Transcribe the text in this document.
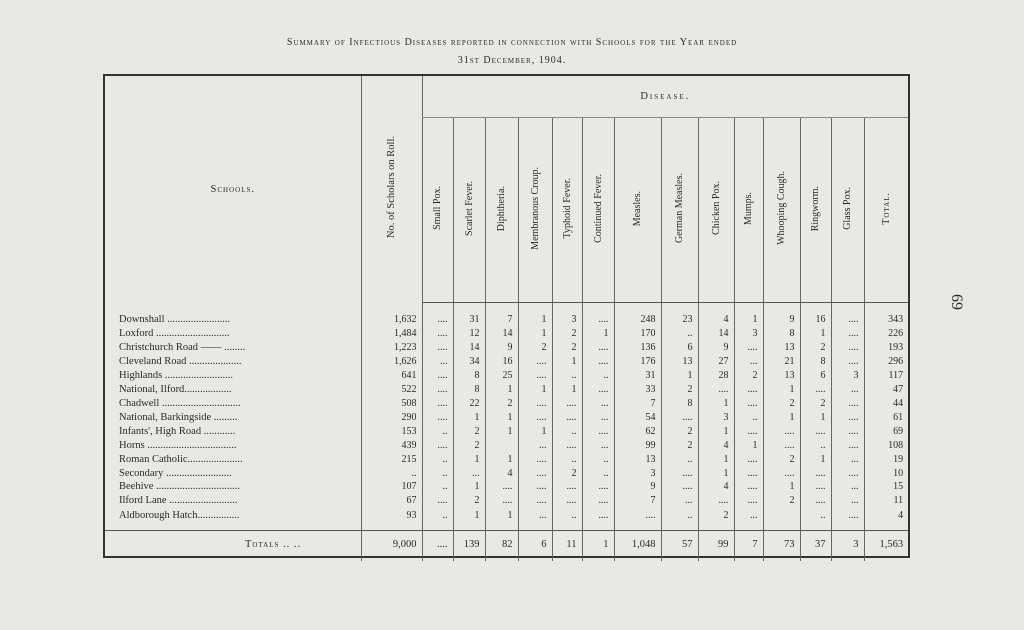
Summary of Infectious Diseases reported in connection with Schools for the Year ended
31st December, 1904.
Schools.	No. of Scholars on Roll.	Disease.													
		Small Pox.	Scarlet Fever.	Diphtheria.	Membranous Croup.	Typhoid Fever.	Continued Fever.	Measles.	German Measles.	Chicken Pox.	Mumps.	Whooping Cough.	Ringworm.	Glass Pox.	Total.
Downshall ........................	1,632	....	31	7	1	3	....	248	23	4	1	9	16	....	343
Loxford ............................	1,484	....	12	14	1	2	1	170	..	14	3	8	1	....	226
Christchurch Road —— ........	1,223	....	14	9	2	2	....	136	6	9	....	13	2	....	193
Cleveland Road ....................	1,626	...	34	16	....	1	....	176	13	27	...	21	8	....	296
Highlands ..........................	641	....	8	25	....	..	..	31	1	28	2	13	6	3	117
National, Ilford..................	522	....	8	1	1	1	....	33	2	....	....	1	....	...	47
Chadwell ..............................	508	....	22	2	....	....	...	7	8	1	....	2	2	....	44
National, Barkingside .........	290	....	1	1	....	....	...	54	....	3	..	1	1	....	61
Infants', High Road ............	153	..	2	1	1	..	....	62	2	1	....	....	....	....	69
Horns ..................................	439	....	2		...	....	...	99	2	4	1	....	..	....	108
Roman Catholic.....................	215	..	1	1	....	..	..	13	..	1	....	2	1	...	19
Secondary .........................	..	..	...	4	....	2	..	3	....	1	....	....	....	....	10
Beehive ................................	107	..	1	....	....	....	....	9	....	4	....	1	....	...	15
Ilford Lane ..........................	67	....	2	....	....	....	....	7	...	....	....	2	....	...	11
Aldborough Hatch................	93	..	1	1	...	..	....	....	..	2	...		..	....	4
Totals .. ..	9,000	....	139	82	6	11	1	1,048	57	99	7	73	37	3	1,563
69
